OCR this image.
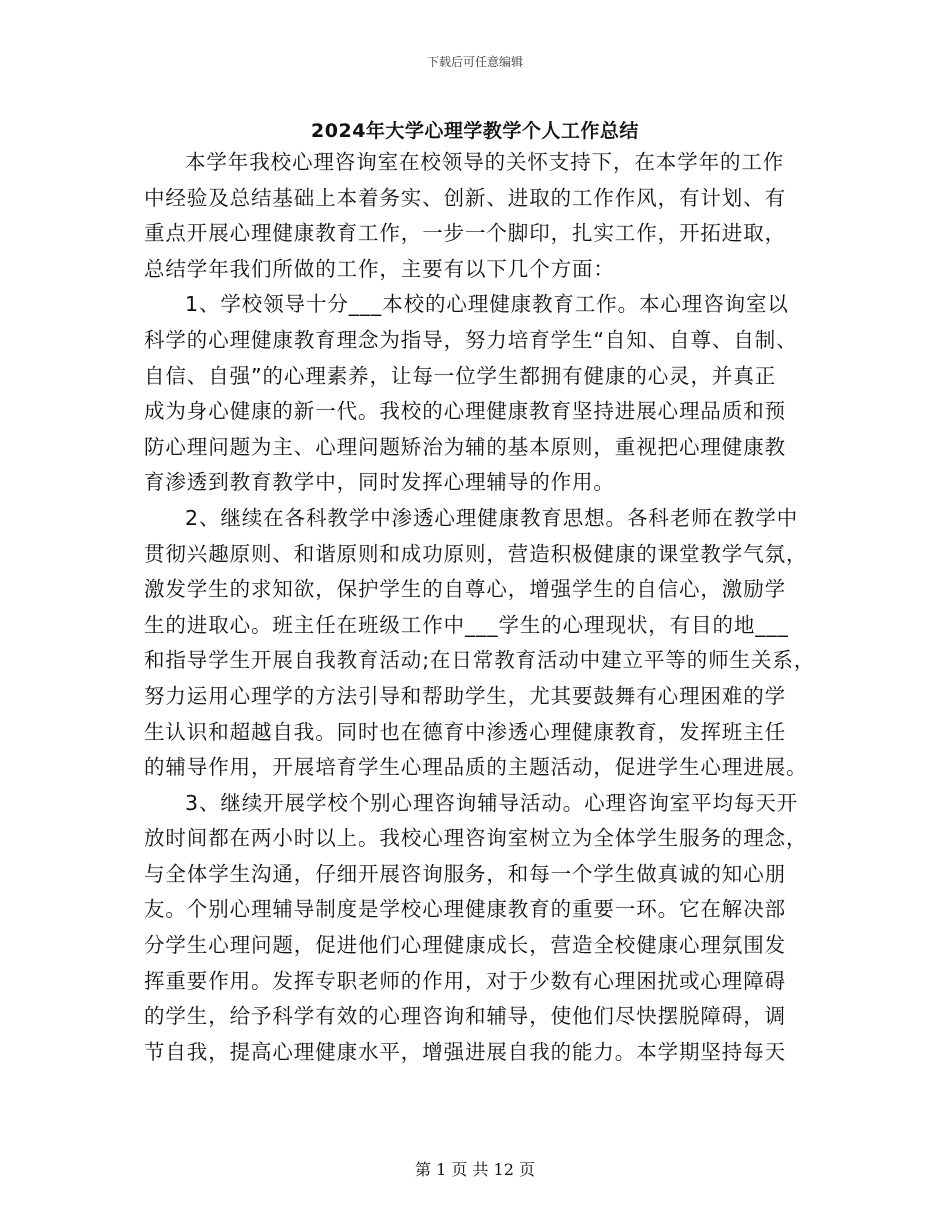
下载后可任意编辑
2024年大学心理学教学个人工作总结
本学年我校心理咨询室在校领导的关怀支持下，在本学年的工作
中经验及总结基础上本着务实、创新、进取的工作作风，有计划、有
重点开展心理健康教育工作，一步一个脚印，扎实工作，开拓进取，
总结学年我们所做的工作，主要有以下几个方面：
1、学校领导十分___本校的心理健康教育工作。本心理咨询室以
科学的心理健康教育理念为指导，努力培育学生“自知、自尊、自制、
自信、自强”的心理素养，让每一位学生都拥有健康的心灵，并真正
成为身心健康的新一代。我校的心理健康教育坚持进展心理品质和预
防心理问题为主、心理问题矫治为辅的基本原则，重视把心理健康教
育渗透到教育教学中，同时发挥心理辅导的作用。
2、继续在各科教学中渗透心理健康教育思想。各科老师在教学中
贯彻兴趣原则、和谐原则和成功原则，营造积极健康的课堂教学气氛，
激发学生的求知欲，保护学生的自尊心，增强学生的自信心，激励学
生的进取心。班主任在班级工作中___学生的心理现状，有目的地___
和指导学生开展自我教育活动;在日常教育活动中建立平等的师生关系，
努力运用心理学的方法引导和帮助学生，尤其要鼓舞有心理困难的学
生认识和超越自我。同时也在德育中渗透心理健康教育，发挥班主任
的辅导作用，开展培育学生心理品质的主题活动，促进学生心理进展。
3、继续开展学校个别心理咨询辅导活动。心理咨询室平均每天开
放时间都在两小时以上。我校心理咨询室树立为全体学生服务的理念，
与全体学生沟通，仔细开展咨询服务，和每一个学生做真诚的知心朋
友。个别心理辅导制度是学校心理健康教育的重要一环。它在解决部
分学生心理问题，促进他们心理健康成长，营造全校健康心理氛围发
挥重要作用。发挥专职老师的作用，对于少数有心理困扰或心理障碍
的学生，给予科学有效的心理咨询和辅导，使他们尽快摆脱障碍，调
节自我，提高心理健康水平，增强进展自我的能力。本学期坚持每天
第 1 页 共 12 页
